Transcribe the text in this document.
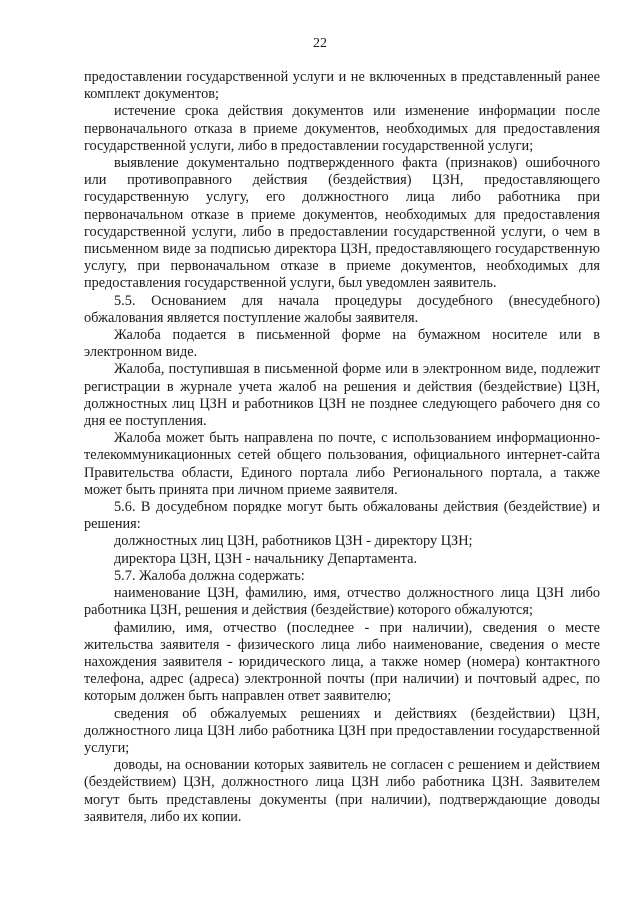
22

предоставлении государственной услуги и не включенных в представленный ранее комплект документов;

истечение срока действия документов или изменение информации после первоначального отказа в приеме документов, необходимых для предоставления государственной услуги, либо в предоставлении государственной услуги;

выявление документально подтвержденного факта (признаков) ошибочного или противоправного действия (бездействия) ЦЗН, предоставляющего государственную услугу, его должностного лица либо работника при первоначальном отказе в приеме документов, необходимых для предоставления государственной услуги, либо в предоставлении государственной услуги, о чем в письменном виде за подписью директора ЦЗН, предоставляющего государственную услугу, при первоначальном отказе в приеме документов, необходимых для предоставления государственной услуги, был уведомлен заявитель.

5.5. Основанием для начала процедуры досудебного (внесудебного) обжалования является поступление жалобы заявителя.

Жалоба подается в письменной форме на бумажном носителе или в электронном виде.

Жалоба, поступившая в письменной форме или в электронном виде, подлежит регистрации в журнале учета жалоб на решения и действия (бездействие) ЦЗН, должностных лиц ЦЗН и работников ЦЗН не позднее следующего рабочего дня со дня ее поступления.

Жалоба может быть направлена по почте, с использованием информационно-телекоммуникационных сетей общего пользования, официального интернет-сайта Правительства области, Единого портала либо Регионального портала, а также может быть принята при личном приеме заявителя.

5.6. В досудебном порядке могут быть обжалованы действия (бездействие) и решения:

должностных лиц ЦЗН, работников ЦЗН - директору ЦЗН;

директора ЦЗН, ЦЗН - начальнику Департамента.

5.7. Жалоба должна содержать:

наименование ЦЗН, фамилию, имя, отчество должностного лица ЦЗН либо работника ЦЗН, решения и действия (бездействие) которого обжалуются;

фамилию, имя, отчество (последнее - при наличии), сведения о месте жительства заявителя - физического лица либо наименование, сведения о месте нахождения заявителя - юридического лица, а также номер (номера) контактного телефона, адрес (адреса) электронной почты (при наличии) и почтовый адрес, по которым должен быть направлен ответ заявителю;

сведения об обжалуемых решениях и действиях (бездействии) ЦЗН, должностного лица ЦЗН либо работника ЦЗН при предоставлении государственной услуги;

доводы, на основании которых заявитель не согласен с решением и действием (бездействием) ЦЗН, должностного лица ЦЗН либо работника ЦЗН. Заявителем могут быть представлены документы (при наличии), подтверждающие доводы заявителя, либо их копии.
